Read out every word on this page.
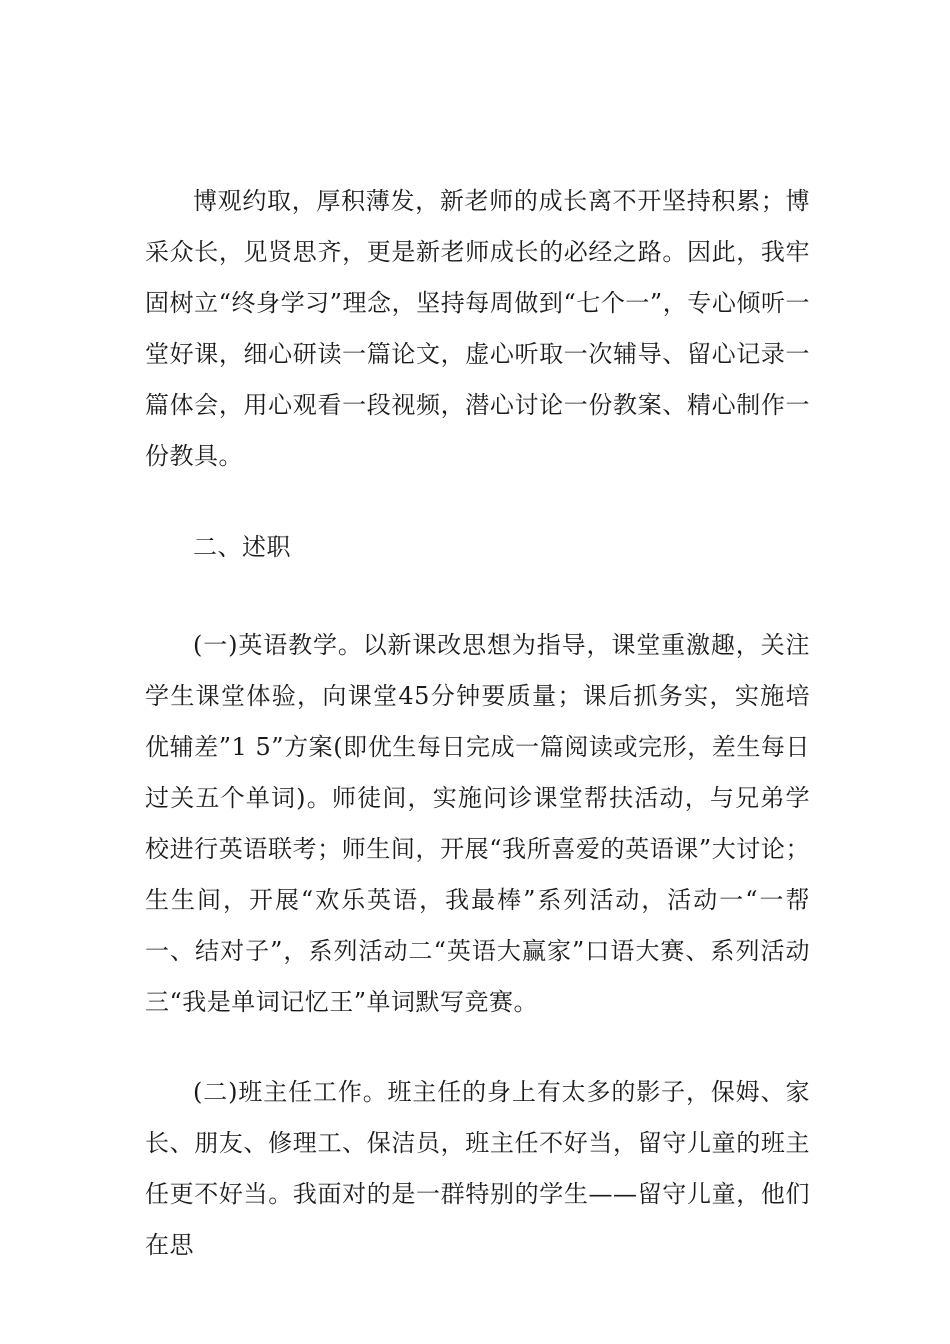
博观约取，厚积薄发，新老师的成长离不开坚持积累；博采众长，见贤思齐，更是新老师成长的必经之路。因此，我牢固树立“终身学习”理念，坚持每周做到“七个一”，专心倾听一堂好课，细心研读一篇论文，虚心听取一次辅导、留心记录一篇体会，用心观看一段视频，潜心讨论一份教案、精心制作一份教具。

二、述职

(一)英语教学。以新课改思想为指导，课堂重激趣，关注学生课堂体验，向课堂45分钟要质量；课后抓务实，实施培优辅差”1 5”方案(即优生每日完成一篇阅读或完形，差生每日过关五个单词)。师徒间，实施问诊课堂帮扶活动，与兄弟学校进行英语联考；师生间，开展“我所喜爱的英语课”大讨论；生生间，开展“欢乐英语，我最棒”系列活动，活动一“一帮一、结对子”，系列活动二“英语大赢家”口语大赛、系列活动三“我是单词记忆王”单词默写竞赛。

(二)班主任工作。班主任的身上有太多的影子，保姆、家长、朋友、修理工、保洁员，班主任不好当，留守儿童的班主任更不好当。我面对的是一群特别的学生——留守儿童，他们在思
